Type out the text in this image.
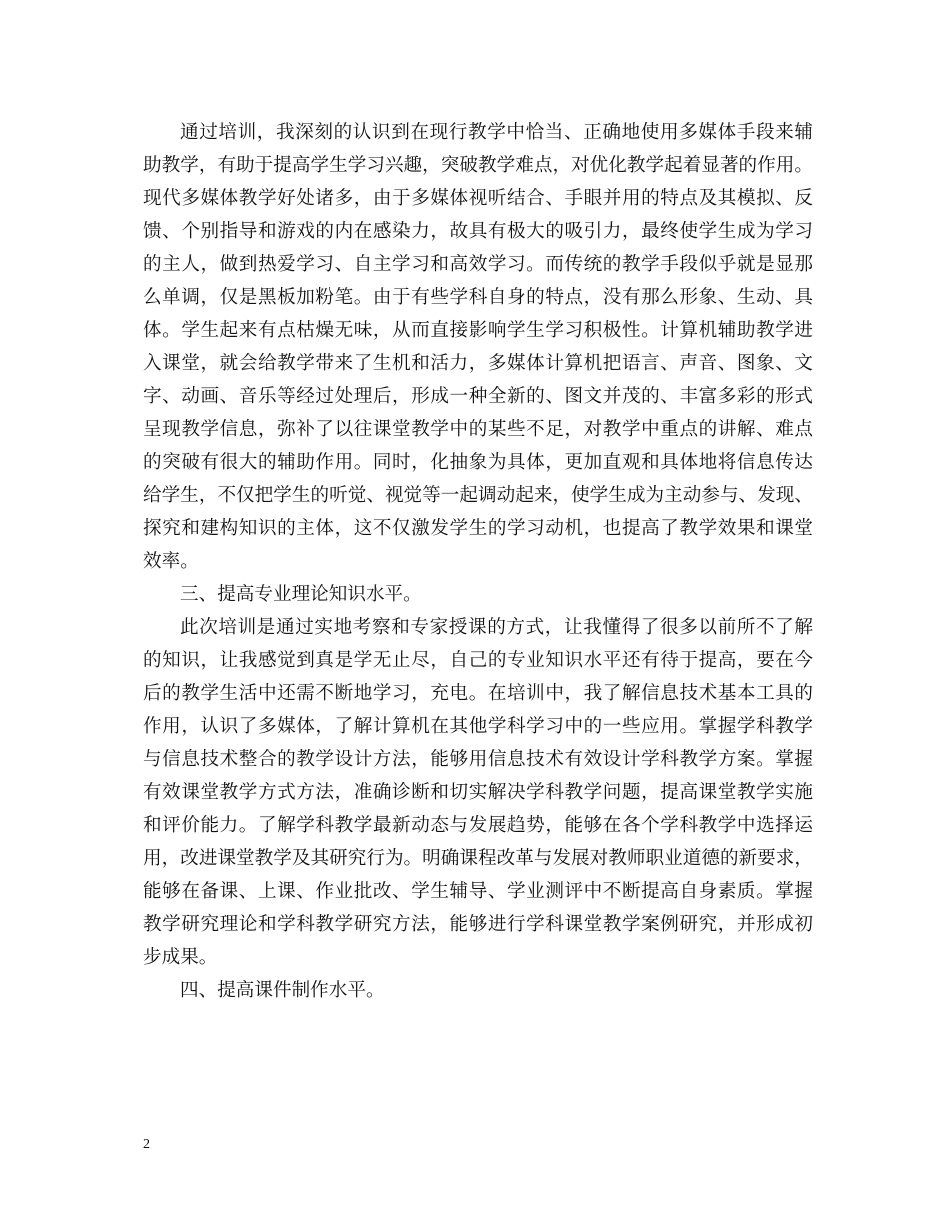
通过培训，我深刻的认识到在现行教学中恰当、正确地使用多媒体手段来辅
助教学，有助于提高学生学习兴趣，突破教学难点，对优化教学起着显著的作用。
现代多媒体教学好处诸多，由于多媒体视听结合、手眼并用的特点及其模拟、反
馈、个别指导和游戏的内在感染力，故具有极大的吸引力，最终使学生成为学习
的主人，做到热爱学习、自主学习和高效学习。而传统的教学手段似乎就是显那
么单调，仅是黑板加粉笔。由于有些学科自身的特点，没有那么形象、生动、具
体。学生起来有点枯燥无味，从而直接影响学生学习积极性。计算机辅助教学进
入课堂，就会给教学带来了生机和活力，多媒体计算机把语言、声音、图象、文
字、动画、音乐等经过处理后，形成一种全新的、图文并茂的、丰富多彩的形式
呈现教学信息，弥补了以往课堂教学中的某些不足，对教学中重点的讲解、难点
的突破有很大的辅助作用。同时，化抽象为具体，更加直观和具体地将信息传达
给学生，不仅把学生的听觉、视觉等一起调动起来，使学生成为主动参与、发现、
探究和建构知识的主体，这不仅激发学生的学习动机，也提高了教学效果和课堂
效率。
三、提高专业理论知识水平。
此次培训是通过实地考察和专家授课的方式，让我懂得了很多以前所不了解
的知识，让我感觉到真是学无止尽，自己的专业知识水平还有待于提高，要在今
后的教学生活中还需不断地学习，充电。在培训中，我了解信息技术基本工具的
作用，认识了多媒体，了解计算机在其他学科学习中的一些应用。掌握学科教学
与信息技术整合的教学设计方法，能够用信息技术有效设计学科教学方案。掌握
有效课堂教学方式方法，准确诊断和切实解决学科教学问题，提高课堂教学实施
和评价能力。了解学科教学最新动态与发展趋势，能够在各个学科教学中选择运
用，改进课堂教学及其研究行为。明确课程改革与发展对教师职业道德的新要求，
能够在备课、上课、作业批改、学生辅导、学业测评中不断提高自身素质。掌握
教学研究理论和学科教学研究方法，能够进行学科课堂教学案例研究，并形成初
步成果。
四、提高课件制作水平。
2
